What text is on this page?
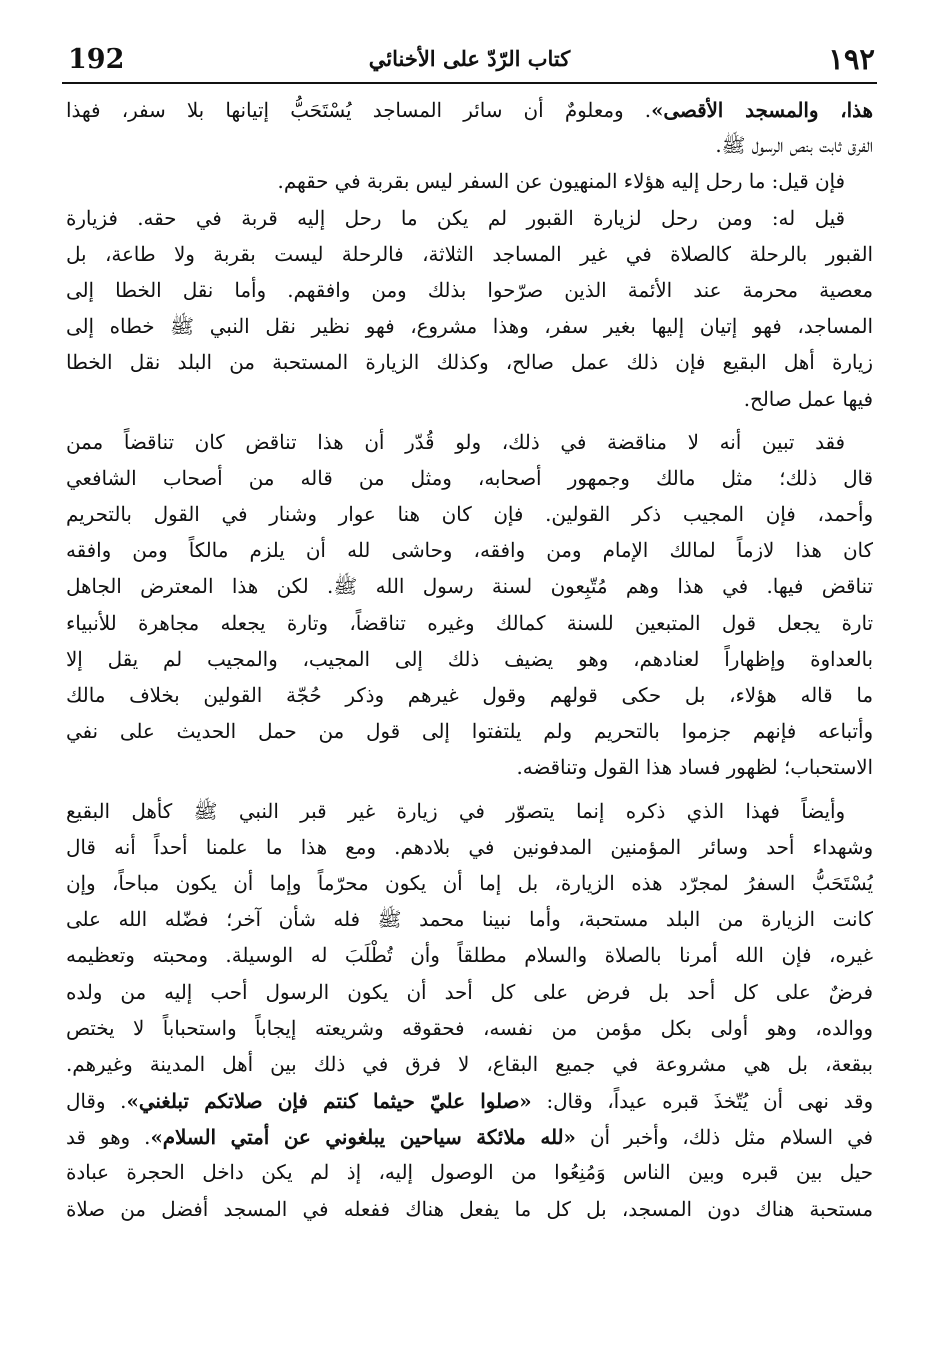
192	كتاب الرّدّ على الأخنائي	١٩٢
هذا، والمسجد الأقصى». ومعلومٌ أن سائر المساجد يُسْتَحَبُّ إتيانها بلا سفر، فهذا
الفرق ثابت بنص الرسول ﷺ.
فإن قيل: ما رحل إليه هؤلاء المنهيون عن السفر ليس بقربة في حقهم.
قيل له: ومن رحل لزيارة القبور لم يكن ما رحل إليه قربة في حقه. فزيارة
القبور بالرحلة كالصلاة في غير المساجد الثلاثة، فالرحلة ليست بقربة ولا طاعة، بل
معصية محرمة عند الأئمة الذين صرّحوا بذلك ومن وافقهم. وأما نقل الخطا إلى
المساجد، فهو إتيان إليها بغير سفر، وهذا مشروع، فهو نظير نقل النبي ﷺ خطاه إلى
زيارة أهل البقيع فإن ذلك عمل صالح، وكذلك الزيارة المستحبة من البلد نقل الخطا
فيها عمل صالح.
فقد تبين أنه لا مناقضة في ذلك، ولو قُدّر أن هذا تناقض كان تناقضاً ممن
قال ذلك؛ مثل مالك وجمهور أصحابه، ومثل من قاله من أصحاب الشافعي
وأحمد، فإن المجيب ذكر القولين. فإن كان هنا عوار وشنار في القول بالتحريم
كان هذا لازماً لمالك الإمام ومن وافقه، وحاشى لله أن يلزم مالكاً ومن وافقه
تناقض فيها. في هذا وهم مُتّبِعون لسنة رسول الله ﷺ. لكن هذا المعترض الجاهل
تارة يجعل قول المتبعين للسنة كمالك وغيره تناقضاً، وتارة يجعله مجاهرة للأنبياء
بالعداوة وإظهاراً لعنادهم، وهو يضيف ذلك إلى المجيب، والمجيب لم يقل إلا
ما قاله هؤلاء، بل حكى قولهم وقول غيرهم وذكر حُجّة القولين بخلاف مالك
وأتباعه فإنهم جزموا بالتحريم ولم يلتفتوا إلى قول من حمل الحديث على نفي
الاستحباب؛ لظهور فساد هذا القول وتناقضه.
وأيضاً فهذا الذي ذكره إنما يتصوّر في زيارة غير قبر النبي ﷺ كأهل البقيع
وشهداء أحد وسائر المؤمنين المدفونين في بلادهم. ومع هذا ما علمنا أحداً أنه قال
يُسْتَحَبُّ السفرُ لمجرّد هذه الزيارة، بل إما أن يكون محرّماً وإما أن يكون مباحاً، وإن
كانت الزيارة من البلد مستحبة، وأما نبينا محمد ﷺ فله شأن آخر؛ فضّله الله على
غيره، فإن الله أمرنا بالصلاة والسلام مطلقاً وأن تُطْلَبَ له الوسيلة. ومحبته وتعظيمه
فرضٌ على كل أحد بل فرض على كل أحد أن يكون الرسول أحب إليه من ولده
ووالده، وهو أولى بكل مؤمن من نفسه، فحقوقه وشريعته إيجاباً واستحباباً لا يختص
ببقعة، بل هي مشروعة في جميع البقاع، لا فرق في ذلك بين أهل المدينة وغيرهم.
وقد نهى أن يُتّخذَ قبره عيداً، وقال: «صلوا عليّ حيثما كنتم فإن صلاتكم تبلغني». وقال
في السلام مثل ذلك، وأخبر أن «لله ملائكة سياحين يبلغوني عن أمتي السلام». وهو قد
حيل بين قبره وبين الناس وَمُنِعُوا من الوصول إليه، إذ لم يكن داخل الحجرة عبادة
مستحبة هناك دون المسجد، بل كل ما يفعل هناك ففعله في المسجد أفضل من صلاة
